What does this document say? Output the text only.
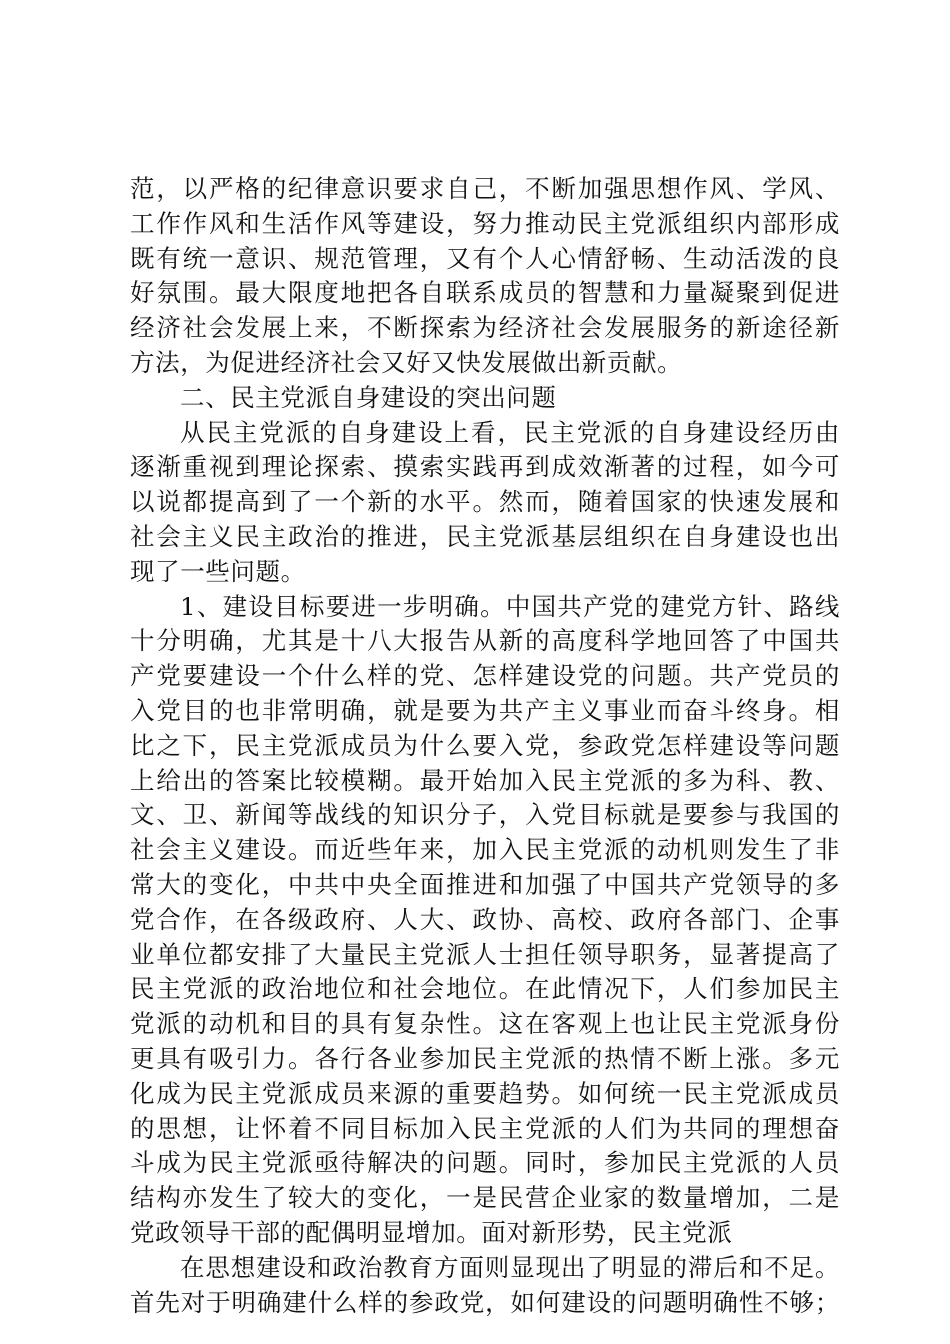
范，以严格的纪律意识要求自己，不断加强思想作风、学风、
工作作风和生活作风等建设，努力推动民主党派组织内部形成
既有统一意识、规范管理，又有个人心情舒畅、生动活泼的良
好氛围。最大限度地把各自联系成员的智慧和力量凝聚到促进
经济社会发展上来，不断探索为经济社会发展服务的新途径新
方法，为促进经济社会又好又快发展做出新贡献。
二、民主党派自身建设的突出问题
从民主党派的自身建设上看，民主党派的自身建设经历由
逐渐重视到理论探索、摸索实践再到成效渐著的过程，如今可
以说都提高到了一个新的水平。然而，随着国家的快速发展和
社会主义民主政治的推进，民主党派基层组织在自身建设也出
现了一些问题。
1、建设目标要进一步明确。中国共产党的建党方针、路线
十分明确，尤其是十八大报告从新的高度科学地回答了中国共
产党要建设一个什么样的党、怎样建设党的问题。共产党员的
入党目的也非常明确，就是要为共产主义事业而奋斗终身。相
比之下，民主党派成员为什么要入党，参政党怎样建设等问题
上给出的答案比较模糊。最开始加入民主党派的多为科、教、
文、卫、新闻等战线的知识分子，入党目标就是要参与我国的
社会主义建设。而近些年来，加入民主党派的动机则发生了非
常大的变化，中共中央全面推进和加强了中国共产党领导的多
党合作，在各级政府、人大、政协、高校、政府各部门、企事
业单位都安排了大量民主党派人士担任领导职务，显著提高了
民主党派的政治地位和社会地位。在此情况下，人们参加民主
党派的动机和目的具有复杂性。这在客观上也让民主党派身份
更具有吸引力。各行各业参加民主党派的热情不断上涨。多元
化成为民主党派成员来源的重要趋势。如何统一民主党派成员
的思想，让怀着不同目标加入民主党派的人们为共同的理想奋
斗成为民主党派亟待解决的问题。同时，参加民主党派的人员
结构亦发生了较大的变化，一是民营企业家的数量增加，二是
党政领导干部的配偶明显增加。面对新形势，民主党派
在思想建设和政治教育方面则显现出了明显的滞后和不足。
首先对于明确建什么样的参政党，如何建设的问题明确性不够；
